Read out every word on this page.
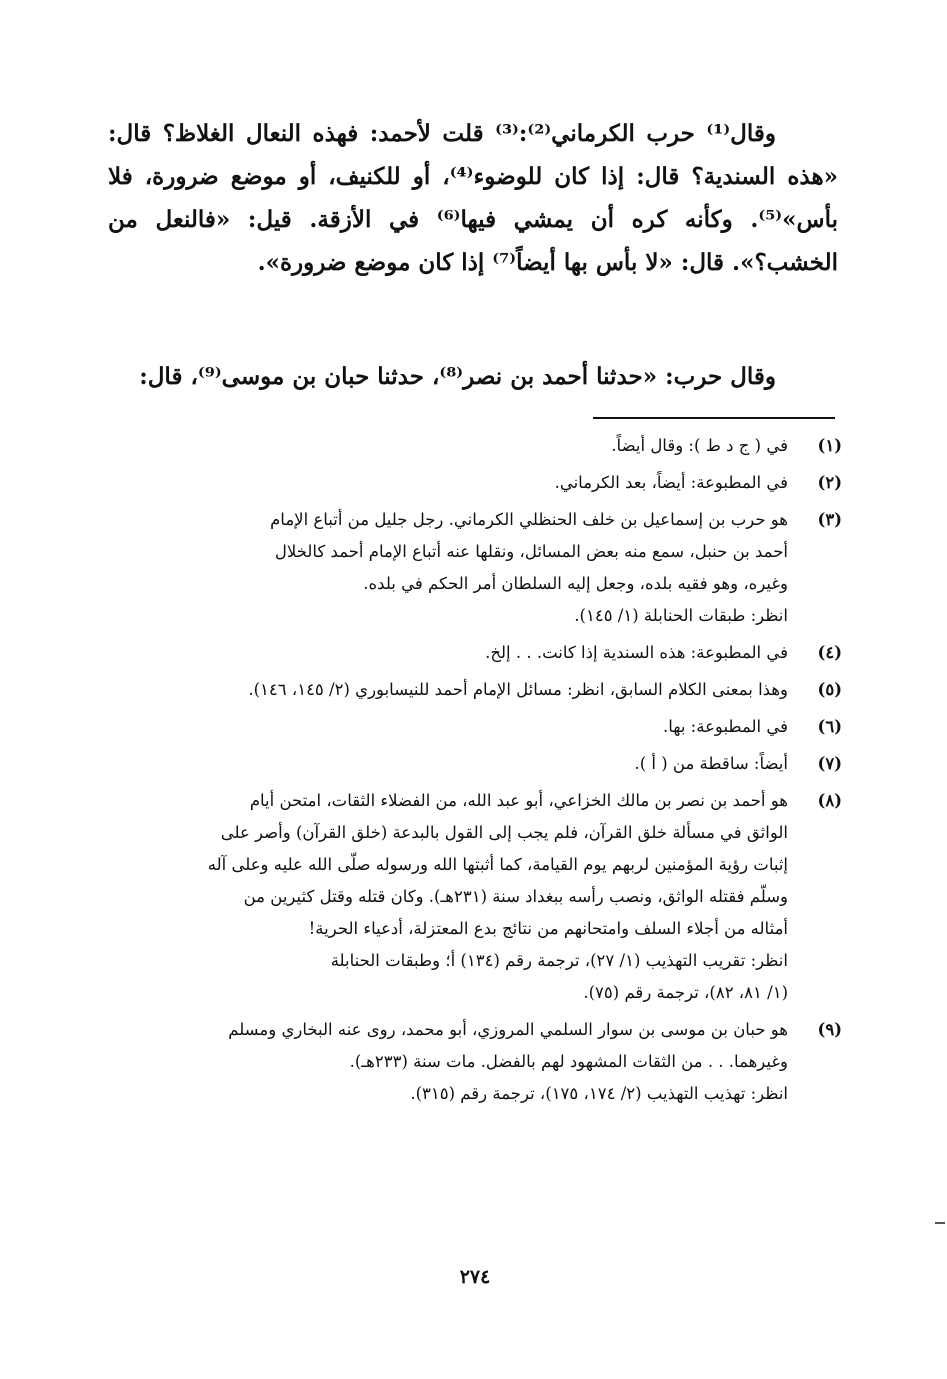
وقال⁽¹⁾ حرب الكرماني⁽²⁾:⁽³⁾ قلت لأحمد: فهذه النعال الغلاظ؟ قال: «هذه السندية؟ قال: إذا كان للوضوء⁽⁴⁾، أو للكنيف، أو موضع ضرورة، فلا بأس»⁽⁵⁾. وكأنه كره أن يمشي فيها⁽⁶⁾ في الأزقة. قيل: «فالنعل من الخشب؟». قال: «لا بأس بها أيضاً⁽⁷⁾ إذا كان موضع ضرورة».

وقال حرب: «حدثنا أحمد بن نصر⁽⁸⁾، حدثنا حبان بن موسى⁽⁹⁾، قال:

(١)
في ( ج د ط ): وقال أيضاً.
(٢)
في المطبوعة: أيضاً، بعد الكرماني.
(٣)
هو حرب بن إسماعيل بن خلف الحنظلي الكرماني. رجل جليل من أتباع الإمام
أحمد بن حنبل، سمع منه بعض المسائل، ونقلها عنه أتباع الإمام أحمد كالخلال
وغيره، وهو فقيه بلده، وجعل إليه السلطان أمر الحكم في بلده.
انظر: طبقات الحنابلة (١/ ١٤٥).
(٤)
في المطبوعة: هذه السندية إذا كانت. . . إلخ.
(٥)
وهذا بمعنى الكلام السابق، انظر: مسائل الإمام أحمد للنيسابوري (٢/ ١٤٥، ١٤٦).
(٦)
في المطبوعة: بها.
(٧)
أيضاً: ساقطة من ( أ ).
(٨)
هو أحمد بن نصر بن مالك الخزاعي، أبو عبد الله، من الفضلاء الثقات، امتحن أيام
الواثق في مسألة خلق القرآن، فلم يجب إلى القول بالبدعة (خلق القرآن) وأصر على
إثبات رؤية المؤمنين لربهم يوم القيامة، كما أثبتها الله ورسوله صلّى الله عليه وعلى آله
وسلّم فقتله الواثق، ونصب رأسه ببغداد سنة (٢٣١هـ). وكان قتله وقتل كثيرين من
أمثاله من أجلاء السلف وامتحانهم من نتائج بدع المعتزلة، أدعياء الحرية!
انظر: تقريب التهذيب (١/ ٢٧)، ترجمة رقم (١٣٤) أ؛ وطبقات الحنابلة
(١/ ٨١، ٨٢)، ترجمة رقم (٧٥).
(٩)
هو حبان بن موسى بن سوار السلمي المروزي، أبو محمد، روى عنه البخاري ومسلم
وغيرهما. . . من الثقات المشهود لهم بالفضل. مات سنة (٢٣٣هـ).
انظر: تهذيب التهذيب (٢/ ١٧٤، ١٧٥)، ترجمة رقم (٣١٥).
٢٧٤
